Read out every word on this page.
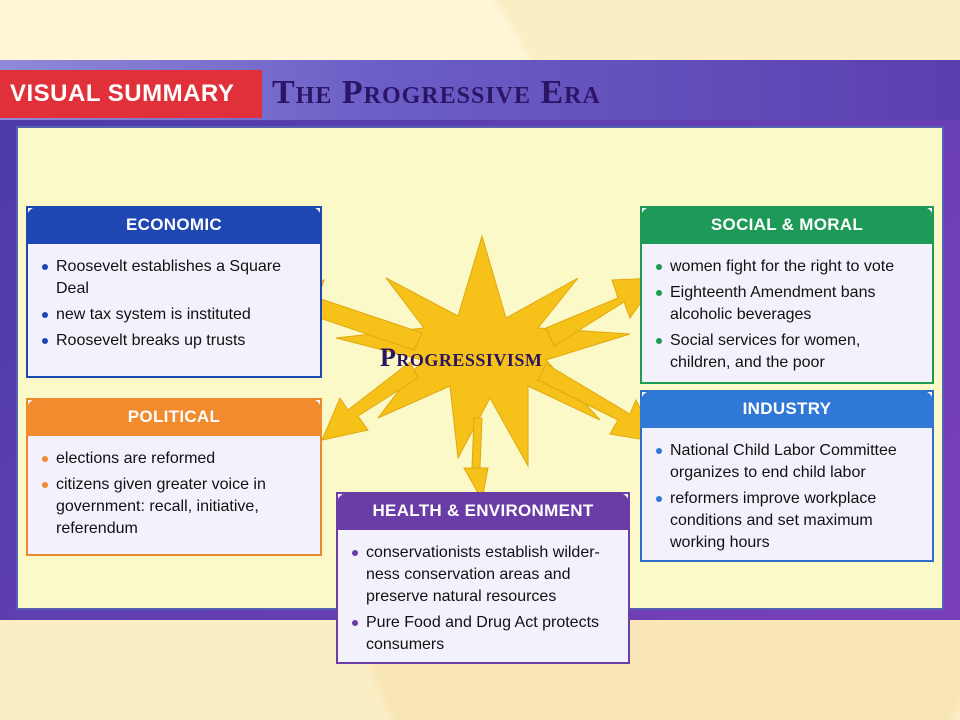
VISUAL SUMMARY	The Progressive Era
Progressivism
ECONOMIC
Roosevelt establishes a Square Deal
new tax system is instituted
Roosevelt breaks up trusts
POLITICAL
elections are reformed
citizens given greater voice in government: recall, initiative, referendum
SOCIAL & MORAL
women fight for the right to vote
Eighteenth Amendment bans alcoholic beverages
Social services for women, children, and the poor
INDUSTRY
National Child Labor Committee organizes to end child labor
reformers improve workplace conditions and set maximum working hours
HEALTH & ENVIRONMENT
conservationists establish wilder-ness conservation areas and preserve natural resources
Pure Food and Drug Act protects consumers
